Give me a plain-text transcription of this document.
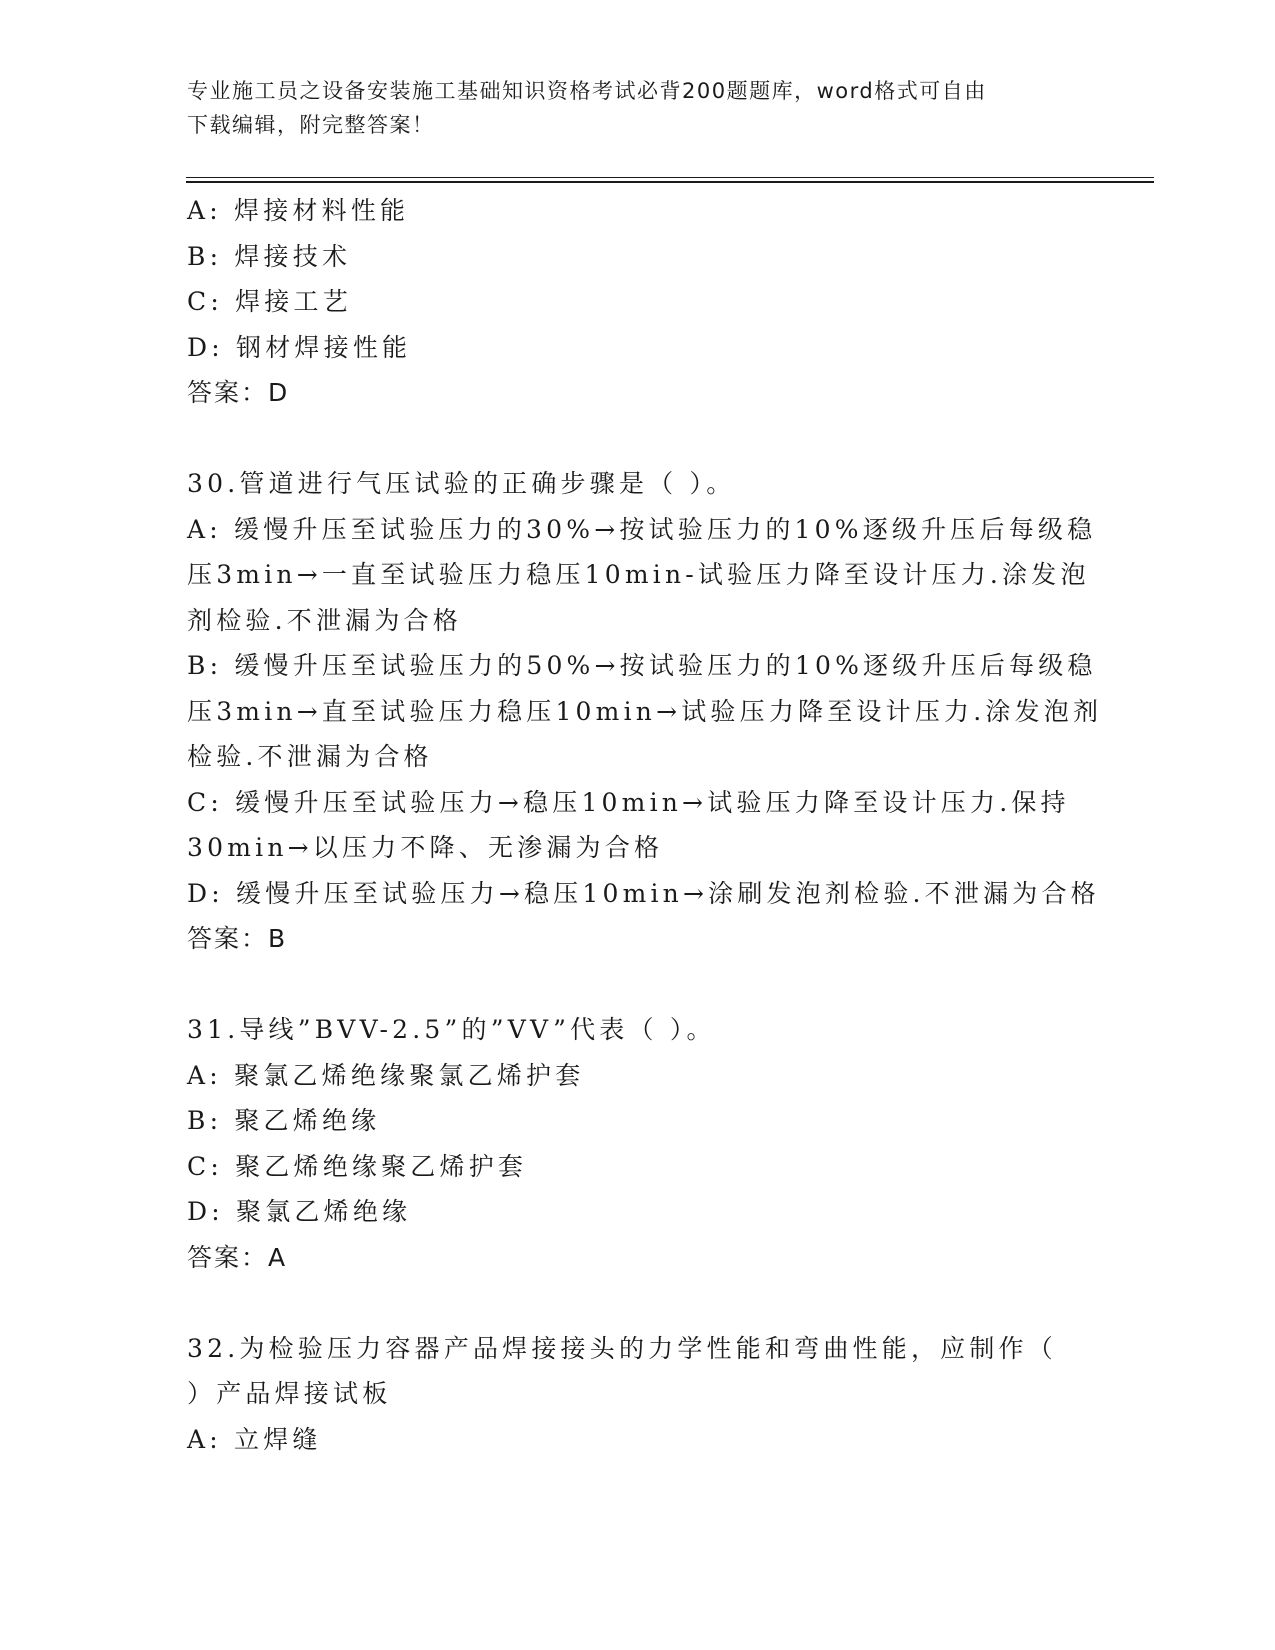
专业施工员之设备安装施工基础知识资格考试必背200题题库，word格式可自由
下载编辑，附完整答案！
A: 焊接材料性能
B: 焊接技术
C: 焊接工艺
D: 钢材焊接性能
答案：D
30.管道进行气压试验的正确步骤是（ ）。
A: 缓慢升压至试验压力的30%→按试验压力的10%逐级升压后每级稳
压3min→一直至试验压力稳压10min-试验压力降至设计压力.涂发泡
剂检验.不泄漏为合格
B: 缓慢升压至试验压力的50%→按试验压力的10%逐级升压后每级稳
压3min→直至试验压力稳压10min→试验压力降至设计压力.涂发泡剂
检验.不泄漏为合格
C: 缓慢升压至试验压力→稳压10min→试验压力降至设计压力.保持
30min→以压力不降、无渗漏为合格
D: 缓慢升压至试验压力→稳压10min→涂刷发泡剂检验.不泄漏为合格
答案：B
31.导线”BVV-2.5”的”VV”代表（ ）。
A: 聚氯乙烯绝缘聚氯乙烯护套
B: 聚乙烯绝缘
C: 聚乙烯绝缘聚乙烯护套
D: 聚氯乙烯绝缘
答案：A
32.为检验压力容器产品焊接接头的力学性能和弯曲性能，应制作（
）产品焊接试板
A: 立焊缝
